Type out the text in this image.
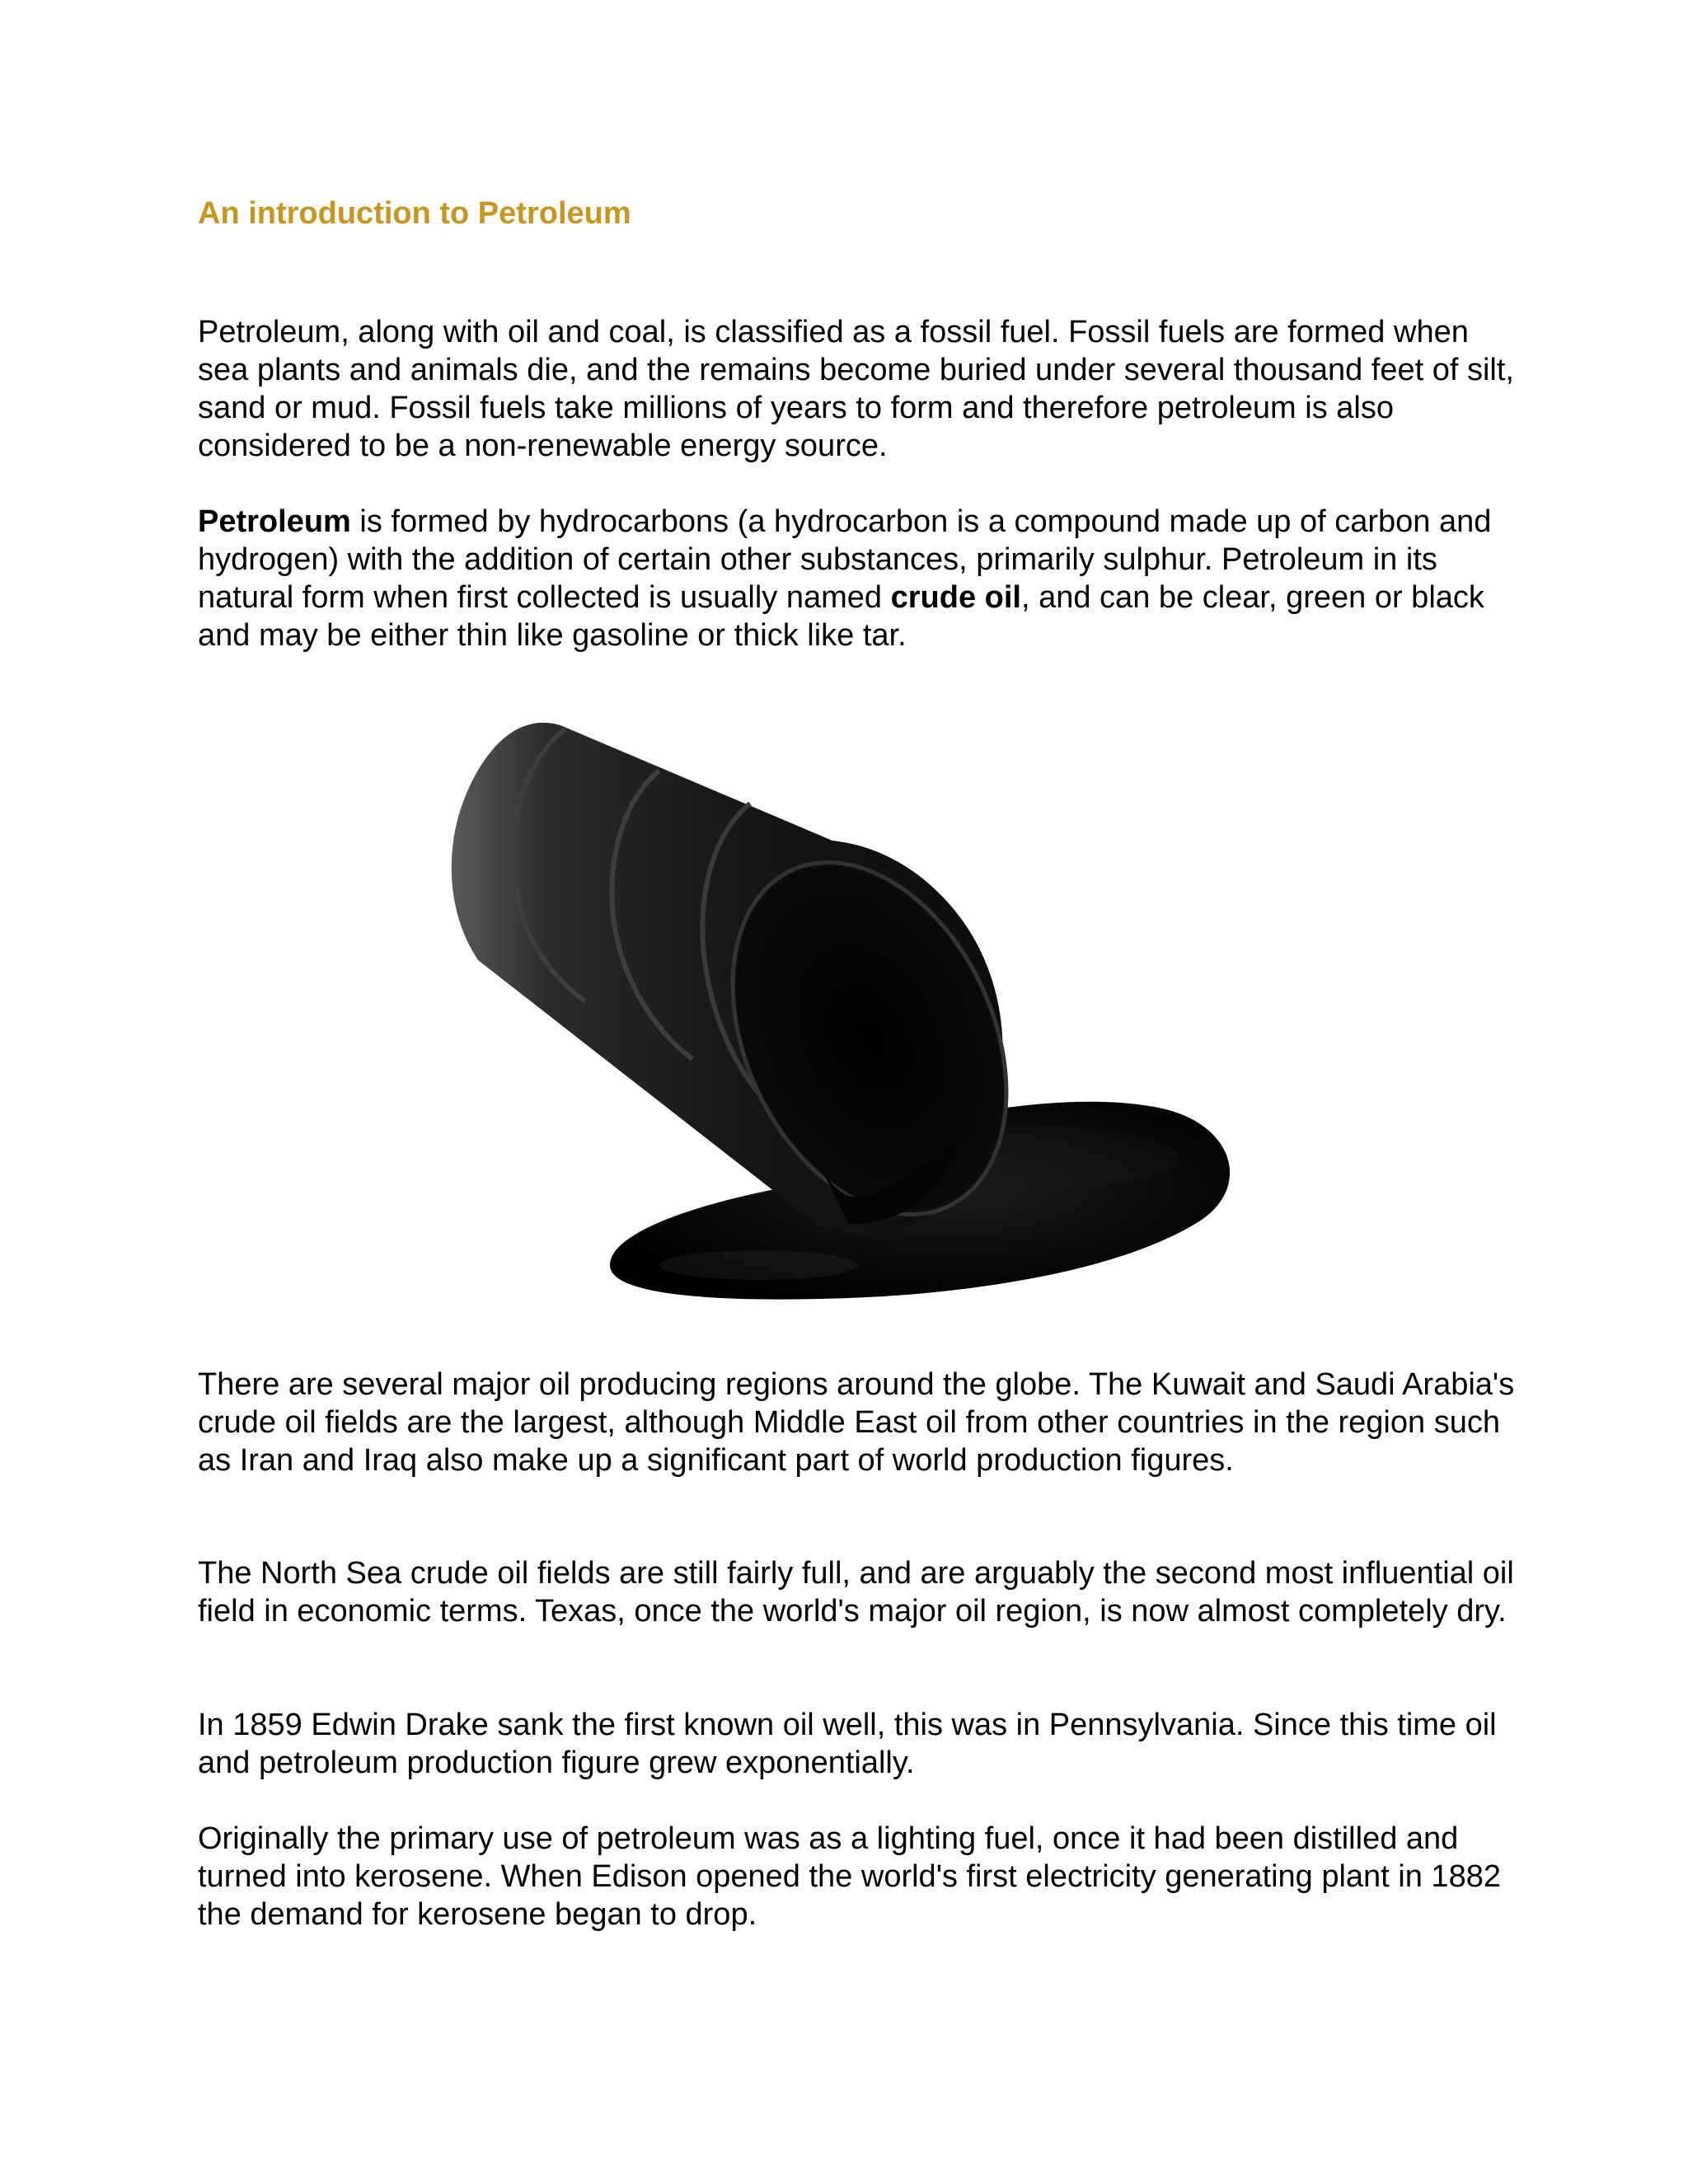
An introduction to Petroleum

Petroleum, along with oil and coal, is classified as a fossil fuel. Fossil fuels are formed when sea plants and animals die, and the remains become buried under several thousand feet of silt, sand or mud. Fossil fuels take millions of years to form and therefore petroleum is also considered to be a non-renewable energy source.

Petroleum is formed by hydrocarbons (a hydrocarbon is a compound made up of carbon and hydrogen) with the addition of certain other substances, primarily sulphur. Petroleum in its natural form when first collected is usually named crude oil, and can be clear, green or black and may be either thin like gasoline or thick like tar.

There are several major oil producing regions around the globe. The Kuwait and Saudi Arabia's crude oil fields are the largest, although Middle East oil from other countries in the region such as Iran and Iraq also make up a significant part of world production figures.

The North Sea crude oil fields are still fairly full, and are arguably the second most influential oil field in economic terms. Texas, once the world's major oil region, is now almost completely dry.

In 1859 Edwin Drake sank the first known oil well, this was in Pennsylvania. Since this time oil and petroleum production figure grew exponentially.

Originally the primary use of petroleum was as a lighting fuel, once it had been distilled and turned into kerosene. When Edison opened the world's first electricity generating plant in 1882 the demand for kerosene began to drop.
